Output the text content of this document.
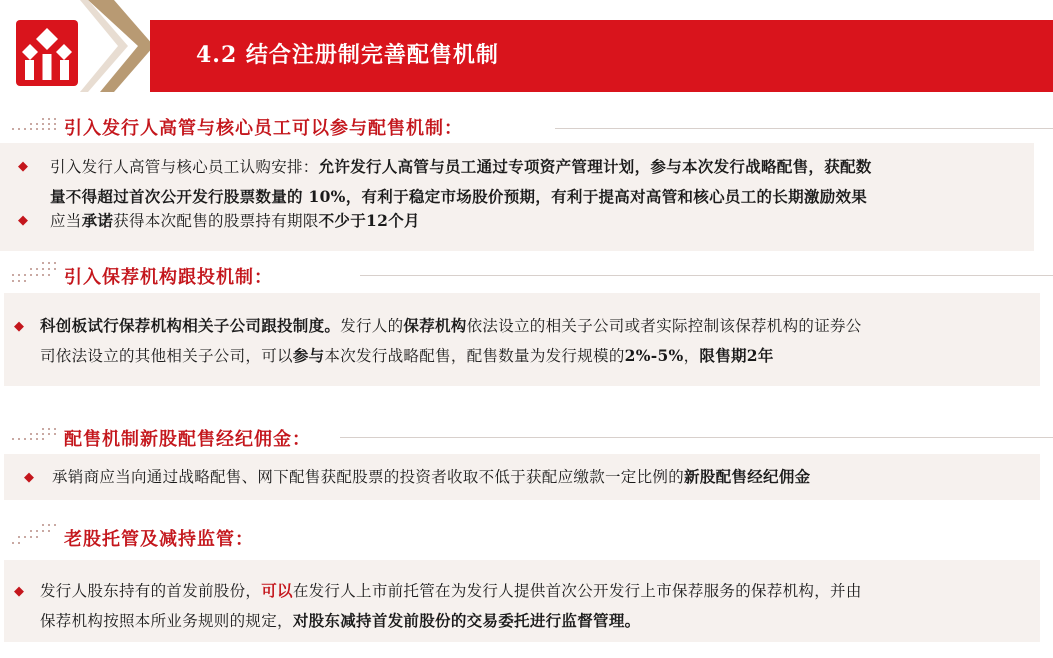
4.2 结合注册制完善配售机制
引入发行人高管与核心员工可以参与配售机制：
◆ 引入发行人高管与核心员工认购安排：允许发行人高管与员工通过专项资产管理计划，参与本次发行战略配售，获配数
量不得超过首次公开发行股票数量的 10%，有利于稳定市场股价预期，有利于提高对高管和核心员工的长期激励效果
◆ 应当承诺获得本次配售的股票持有期限不少于12个月
引入保荐机构跟投机制：
◆ 科创板试行保荐机构相关子公司跟投制度。发行人的保荐机构依法设立的相关子公司或者实际控制该保荐机构的证券公
司依法设立的其他相关子公司，可以参与本次发行战略配售，配售数量为发行规模的2%-5%，限售期2年
配售机制新股配售经纪佣金：
◆ 承销商应当向通过战略配售、网下配售获配股票的投资者收取不低于获配应缴款一定比例的新股配售经纪佣金
老股托管及减持监管：
◆ 发行人股东持有的首发前股份，可以在发行人上市前托管在为发行人提供首次公开发行上市保荐服务的保荐机构，并由
保荐机构按照本所业务规则的规定，对股东减持首发前股份的交易委托进行监督管理。
